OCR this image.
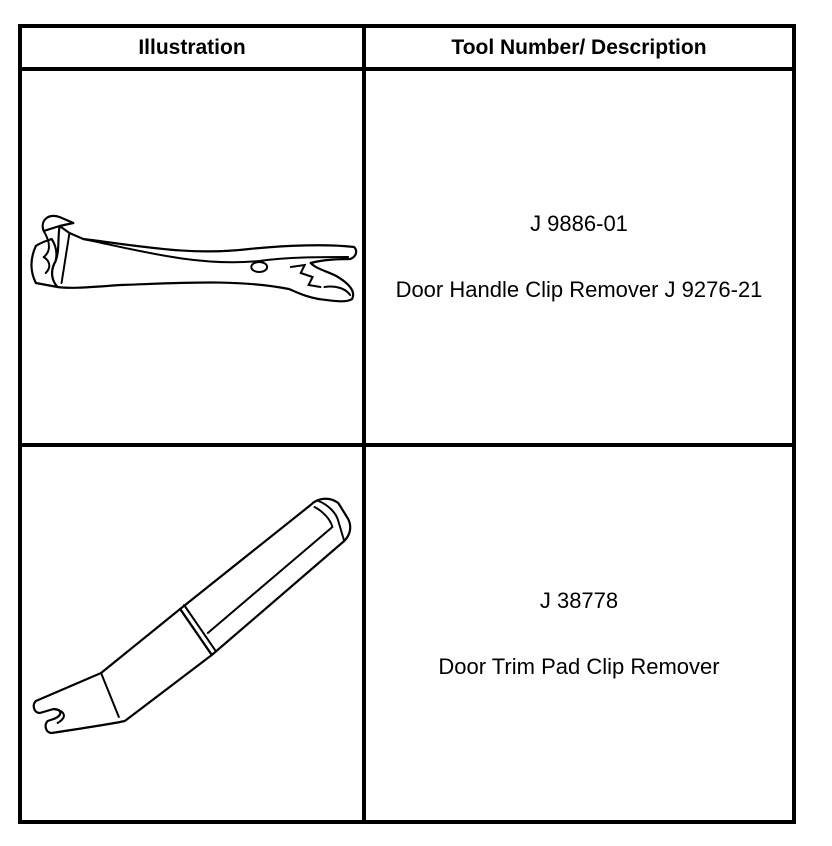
Illustration	Tool Number/ Description

J 9886-01
Door Handle Clip Remover J 9276-21

J 38778
Door Trim Pad Clip Remover
